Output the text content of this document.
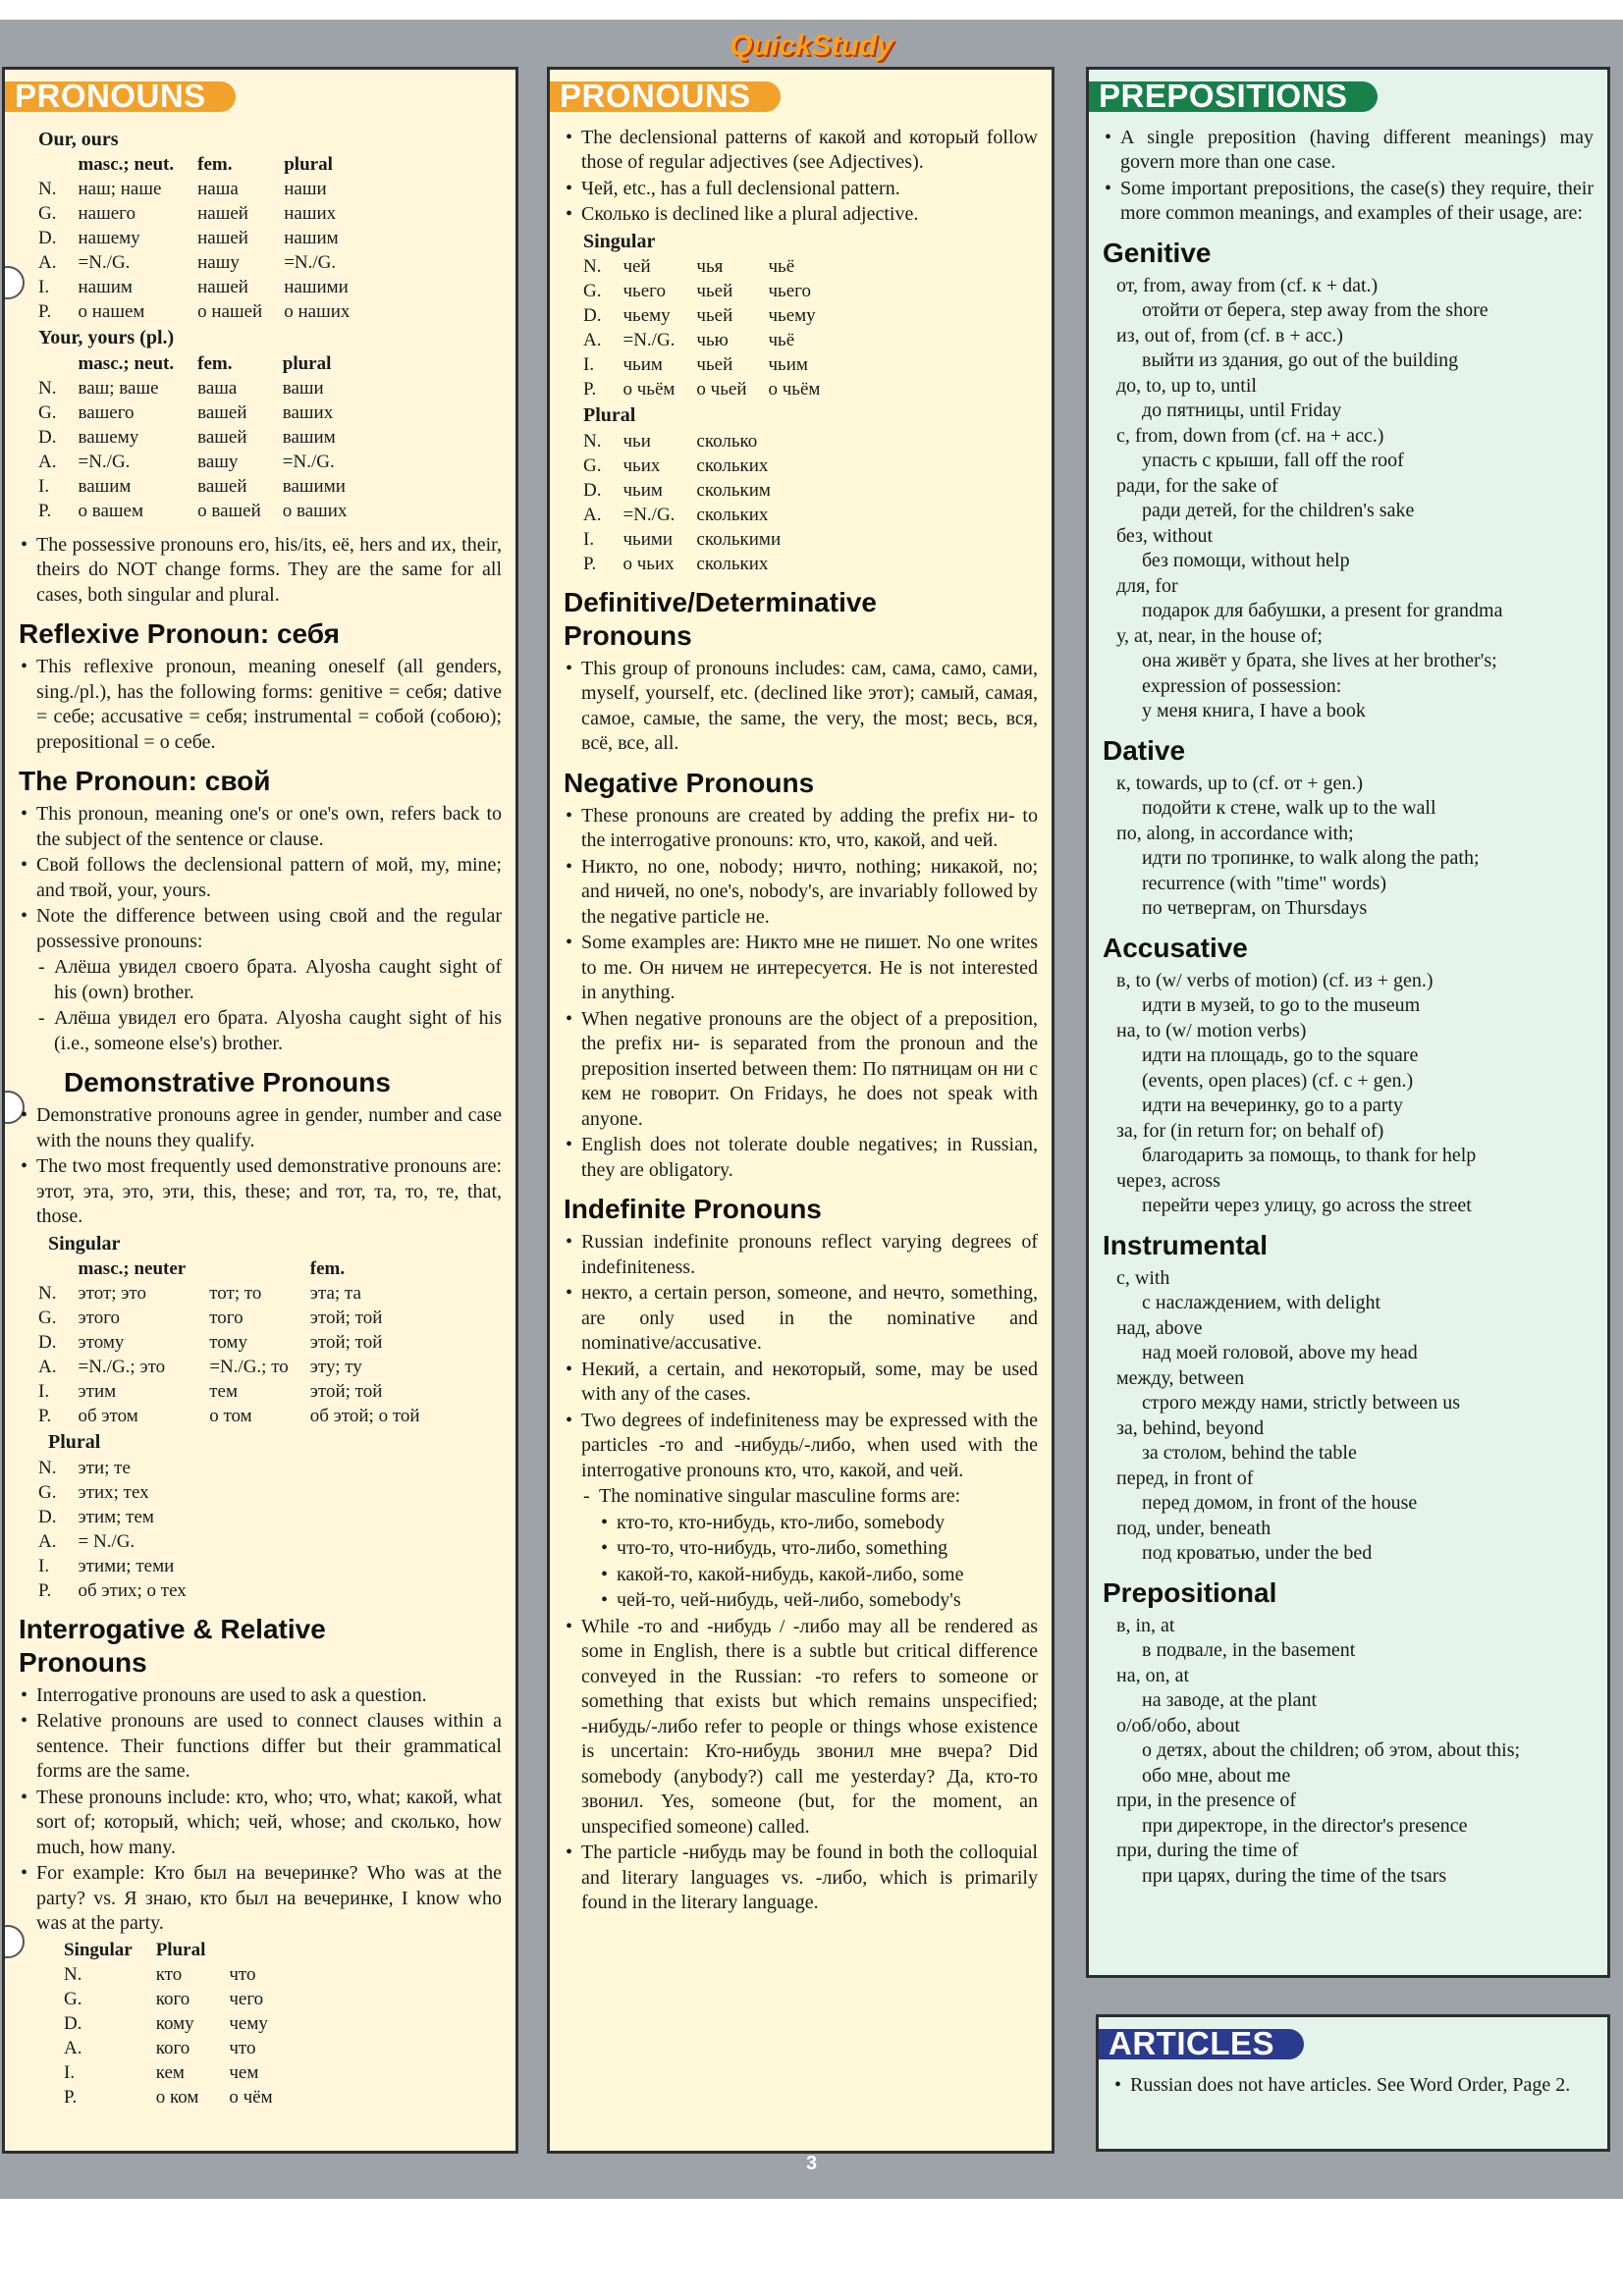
QuickStudy
PRONOUNS
Our, ours
	masc.; neut.	fem.	plural
N.	наш; наше	наша	наши
G.	нашего	нашей	наших
D.	нашему	нашей	нашим
A.	=N./G.	нашу	=N./G.
I.	нашим	нашей	нашими
P.	о нашем	о нашей	о наших
Your, yours (pl.)
	masc.; neut.	fem.	plural
N.	ваш; ваше	ваша	ваши
G.	вашего	вашей	ваших
D.	вашему	вашей	вашим
A.	=N./G.	вашу	=N./G.
I.	вашим	вашей	вашими
P.	о вашем	о вашей	о ваших
• The possessive pronouns его, his/its, её, hers and их, their, theirs do NOT change forms. They are the same for all cases, both singular and plural.
Reflexive Pronoun: себя
• This reflexive pronoun, meaning oneself (all genders, sing./pl.), has the following forms: genitive = себя; dative = себе; accusative = себя; instrumental = собой (собою); prepositional = о себе.
The Pronoun: свой
• This pronoun, meaning one's or one's own, refers back to the subject of the sentence or clause.
• Свой follows the declensional pattern of мой, my, mine; and твой, your, yours.
• Note the difference between using свой and the regular possessive pronouns:
- Алёша увидел своего брата. Alyosha caught sight of his (own) brother.
- Алёша увидел его брата. Alyosha caught sight of his (i.e., someone else's) brother.
Demonstrative Pronouns
• Demonstrative pronouns agree in gender, number and case with the nouns they qualify.
• The two most frequently used demonstrative pronouns are: этот, эта, это, эти, this, these; and тот, та, то, те, that, those.
Singular
	masc.; neuter		fem.
N.	этот; это	тот; то	эта; та
G.	этого	того	этой; той
D.	этому	тому	этой; той
A.	=N./G.; это	=N./G.; то	эту; ту
I.	этим	тем	этой; той
P.	об этом	о том	об этой; о той
Plural
N.	эти; те
G.	этих; тех
D.	этим; тем
A.	= N./G.
I.	этими; теми
P.	об этих; о тех
Interrogative & Relative
Pronouns
• Interrogative pronouns are used to ask a question.
• Relative pronouns are used to connect clauses within a sentence. Their functions differ but their grammatical forms are the same.
• These pronouns include: кто, who; что, what; какой, what sort of; который, which; чей, whose; and сколько, how much, how many.
• For example: Кто был на вечеринке? Who was at the party? vs. Я знаю, кто был на вечеринке, I know who was at the party.
Singular	Plural	
N.	кто	что
G.	кого	чего
D.	кому	чему
A.	кого	что
I.	кем	чем
P.	о ком	о чём
PRONOUNS
• The declensional patterns of какой and который follow those of regular adjectives (see Adjectives).
• Чей, etc., has a full declensional pattern.
• Сколько is declined like a plural adjective.
Singular
N.	чей	чья	чьё
G.	чьего	чьей	чьего
D.	чьему	чьей	чьему
A.	=N./G.	чью	чьё
I.	чьим	чьей	чьим
P.	о чьём	о чьей	о чьём
Plural
N.	чьи	сколько
G.	чьих	скольких
D.	чьим	скольким
A.	=N./G.	скольких
I.	чьими	сколькими
P.	о чьих	скольких
Definitive/Determinative
Pronouns
• This group of pronouns includes: сам, сама, само, сами, myself, yourself, etc. (declined like этот); самый, самая, самое, самые, the same, the very, the most; весь, вся, всё, все, all.
Negative Pronouns
• These pronouns are created by adding the prefix ни- to the interrogative pronouns: кто, что, какой, and чей.
• Никто, no one, nobody; ничто, nothing; никакой, no; and ничей, no one's, nobody's, are invariably followed by the negative particle не.
• Some examples are: Никто мне не пишет. No one writes to me. Он ничем не интересуется. He is not interested in anything.
• When negative pronouns are the object of a preposition, the prefix ни- is separated from the pronoun and the preposition inserted between them: По пятницам он ни с кем не говорит. On Fridays, he does not speak with anyone.
• English does not tolerate double negatives; in Russian, they are obligatory.
Indefinite Pronouns
• Russian indefinite pronouns reflect varying degrees of indefiniteness.
• некто, a certain person, someone, and нечто, something, are only used in the nominative and nominative/accusative.
• Некий, a certain, and некоторый, some, may be used with any of the cases.
• Two degrees of indefiniteness may be expressed with the particles -то and -нибудь/-либо, when used with the interrogative pronouns кто, что, какой, and чей.
- The nominative singular masculine forms are:
• кто-то, кто-нибудь, кто-либо, somebody
• что-то, что-нибудь, что-либо, something
• какой-то, какой-нибудь, какой-либо, some
• чей-то, чей-нибудь, чей-либо, somebody's
• While -то and -нибудь / -либо may all be rendered as some in English, there is a subtle but critical difference conveyed in the Russian: -то refers to someone or something that exists but which remains unspecified; -нибудь/-либо refer to people or things whose existence is uncertain: Кто-нибудь звонил мне вчера? Did somebody (anybody?) call me yesterday? Да, кто-то звонил. Yes, someone (but, for the moment, an unspecified someone) called.
• The particle -нибудь may be found in both the colloquial and literary languages vs. -либо, which is primarily found in the literary language.
PREPOSITIONS
• A single preposition (having different meanings) may govern more than one case.
• Some important prepositions, the case(s) they require, their more common meanings, and examples of their usage, are:
Genitive

от, from, away from (cf. к + dat.)

отойти от берега, step away from the shore

из, out of, from (cf. в + acc.)

выйти из здания, go out of the building

до, to, up to, until

до пятницы, until Friday

с, from, down from (cf. на + acc.)

упасть с крыши, fall off the roof

ради, for the sake of

ради детей, for the children's sake

без, without

без помощи, without help

для, for

подарок для бабушки, a present for grandma

у, at, near, in the house of;

она живёт у брата, she lives at her brother's;

expression of possession:

у меня книга, I have a book

Dative

к, towards, up to (cf. от + gen.)

подойти к стене, walk up to the wall

по, along, in accordance with;

идти по тропинке, to walk along the path;

recurrence (with "time" words)

по четвергам, on Thursdays

Accusative

в, to (w/ verbs of motion) (cf. из + gen.)

идти в музей, to go to the museum

на, to (w/ motion verbs)

идти на площадь, go to the square

(events, open places) (cf. с + gen.)

идти на вечеринку, go to a party

за, for (in return for; on behalf of)

благодарить за помощь, to thank for help

через, across

перейти через улицу, go across the street

Instrumental

с, with

с наслаждением, with delight

над, above

над моей головой, above my head

между, between

строго между нами, strictly between us

за, behind, beyond

за столом, behind the table

перед, in front of

перед домом, in front of the house

под, under, beneath

под кроватью, under the bed

Prepositional

в, in, at

в подвале, in the basement

на, on, at

на заводе, at the plant

о/об/обо, about

о детях, about the children; об этом, about this;

обо мне, about me

при, in the presence of

при директоре, in the director's presence

при, during the time of

при царях, during the time of the tsars

ARTICLES
• Russian does not have articles. See Word Order, Page 2.
3
